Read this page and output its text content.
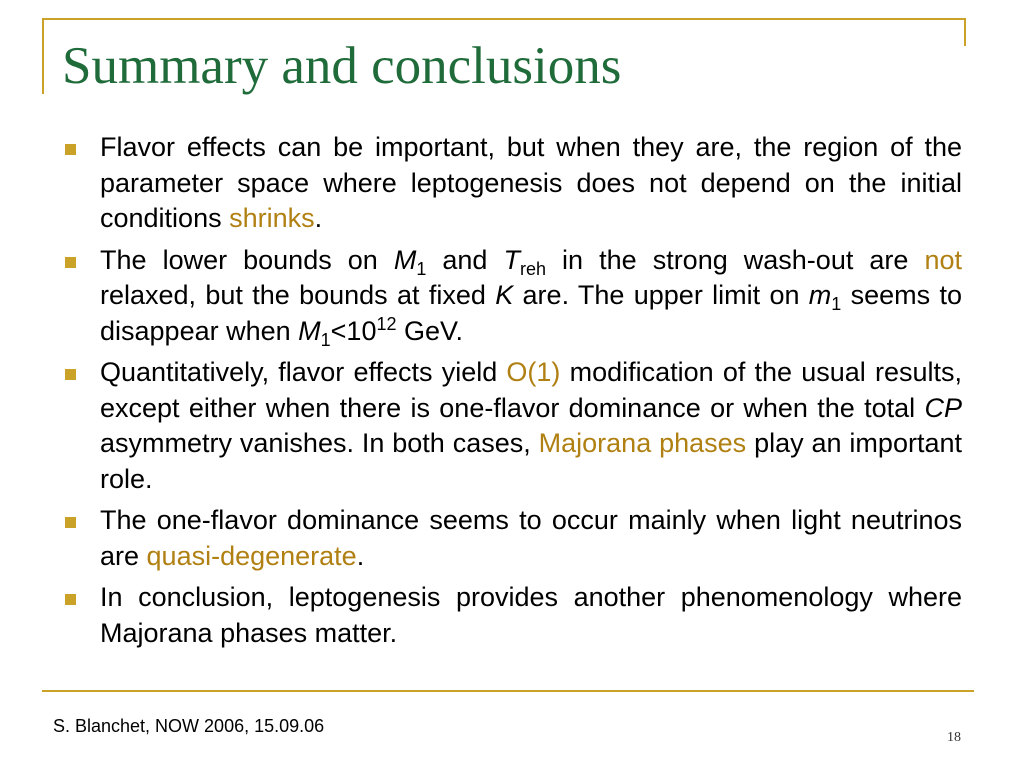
Summary and conclusions
Flavor effects can be important, but when they are, the region of the parameter space where leptogenesis does not depend on the initial conditions shrinks.
The lower bounds on $M_1$ and $T_{reh}$ in the strong wash-out are not relaxed, but the bounds at fixed K are. The upper limit on $m_1$ seems to disappear when $M_1<10^{12}$ GeV.
Quantitatively, flavor effects yield O(1) modification of the usual results, except either when there is one-flavor dominance or when the total CP asymmetry vanishes. In both cases, Majorana phases play an important role.
The one-flavor dominance seems to occur mainly when light neutrinos are quasi-degenerate.
In conclusion, leptogenesis provides another phenomenology where Majorana phases matter.
S. Blanchet, NOW 2006, 15.09.06
18
